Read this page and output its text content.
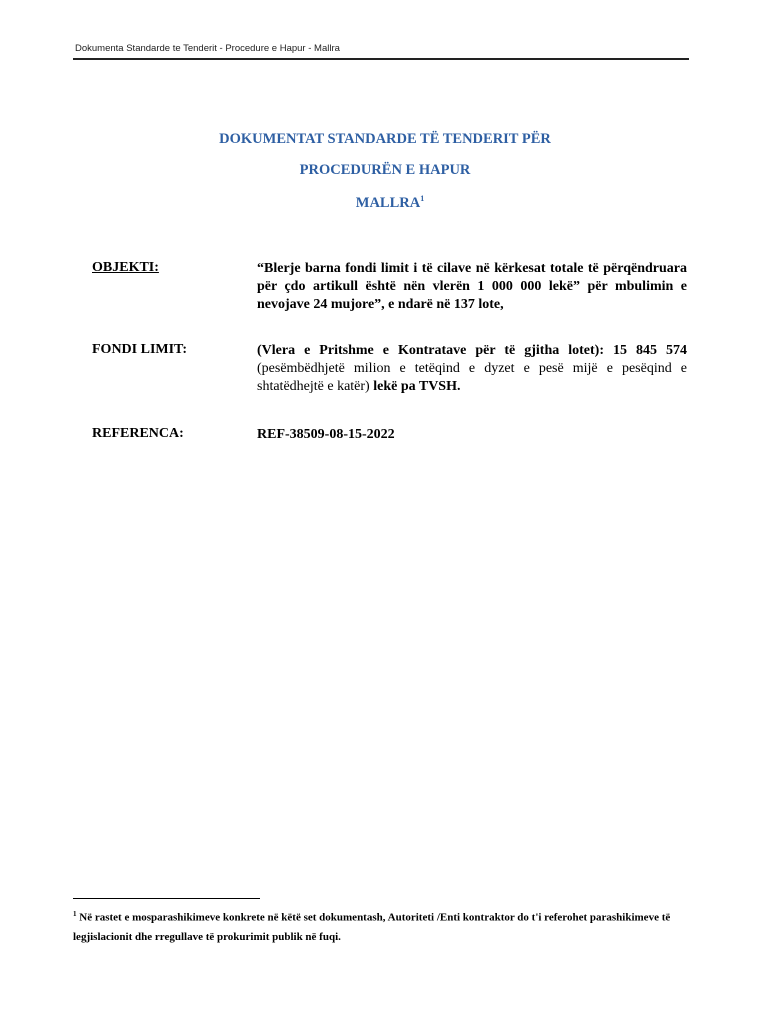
Dokumenta Standarde te Tenderit - Procedure e Hapur - Mallra
DOKUMENTAT STANDARDE TË TENDERIT PËR
PROCEDURËN E HAPUR
MALLRA$^1$
OBJEKTI:	“Blerje barna fondi limit i të cilave në kërkesat totale të përqëndruara për çdo artikull është nën vlerën 1 000 000 lekë” për mbulimin e nevojave 24 mujore”, e ndarë në 137 lote,
FONDI LIMIT:	(Vlera e Pritshme e Kontratave për të gjitha lotet): 15 845 574 (pesëmbëdhjetë milion e tetëqind e dyzet e pesë mijë e pesëqind e shtatëdhejtë e katër) lekë pa TVSH.
REFERENCA:	REF-38509-08-15-2022
$^1$ Në rastet e mosparashikimeve konkrete në këtë set dokumentash, Autoriteti /Enti kontraktor do t'i referohet parashikimeve të legjislacionit dhe rregullave të prokurimit publik në fuqi.
